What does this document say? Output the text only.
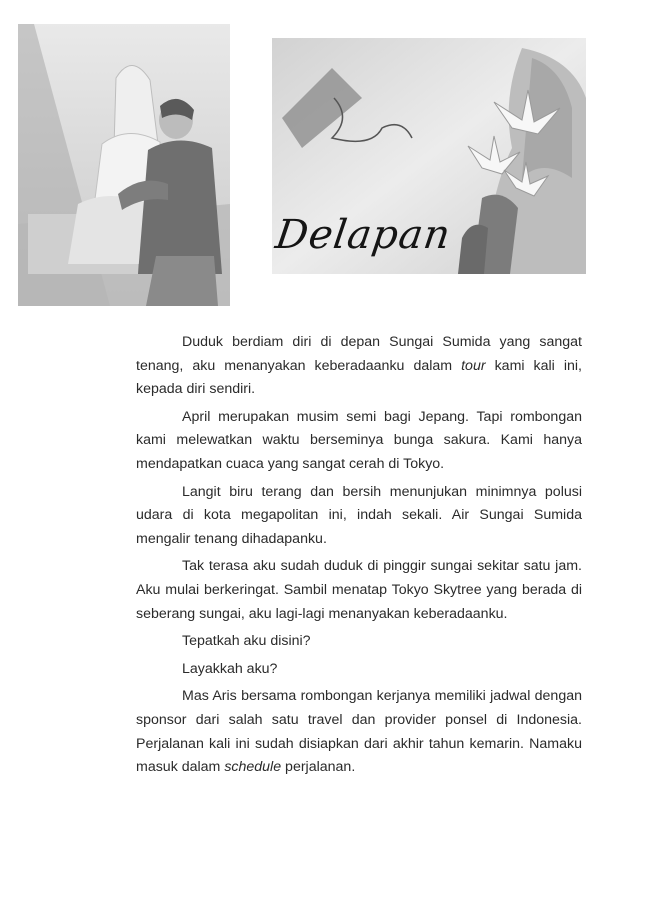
Delapan

Duduk berdiam diri di depan Sungai Sumida yang sangat tenang, aku menanyakan keberadaanku dalam tour kami kali ini, kepada diri sendiri.

April merupakan musim semi bagi Jepang. Tapi rombongan kami melewatkan waktu berseminya bunga sakura. Kami hanya mendapatkan cuaca yang sangat cerah di Tokyo.

Langit biru terang dan bersih menunjukan minimnya polusi udara di kota megapolitan ini, indah sekali. Air Sungai Sumida mengalir tenang dihadapanku.

Tak terasa aku sudah duduk di pinggir sungai sekitar satu jam. Aku mulai berkeringat. Sambil menatap Tokyo Skytree yang berada di seberang sungai, aku lagi-lagi menanyakan keberadaanku.

Tepatkah aku disini?

Layakkah aku?

Mas Aris bersama rombongan kerjanya memiliki jadwal dengan sponsor dari salah satu travel dan provider ponsel di Indonesia. Perjalanan kali ini sudah disiapkan dari akhir tahun kemarin. Namaku masuk dalam schedule perjalanan.
